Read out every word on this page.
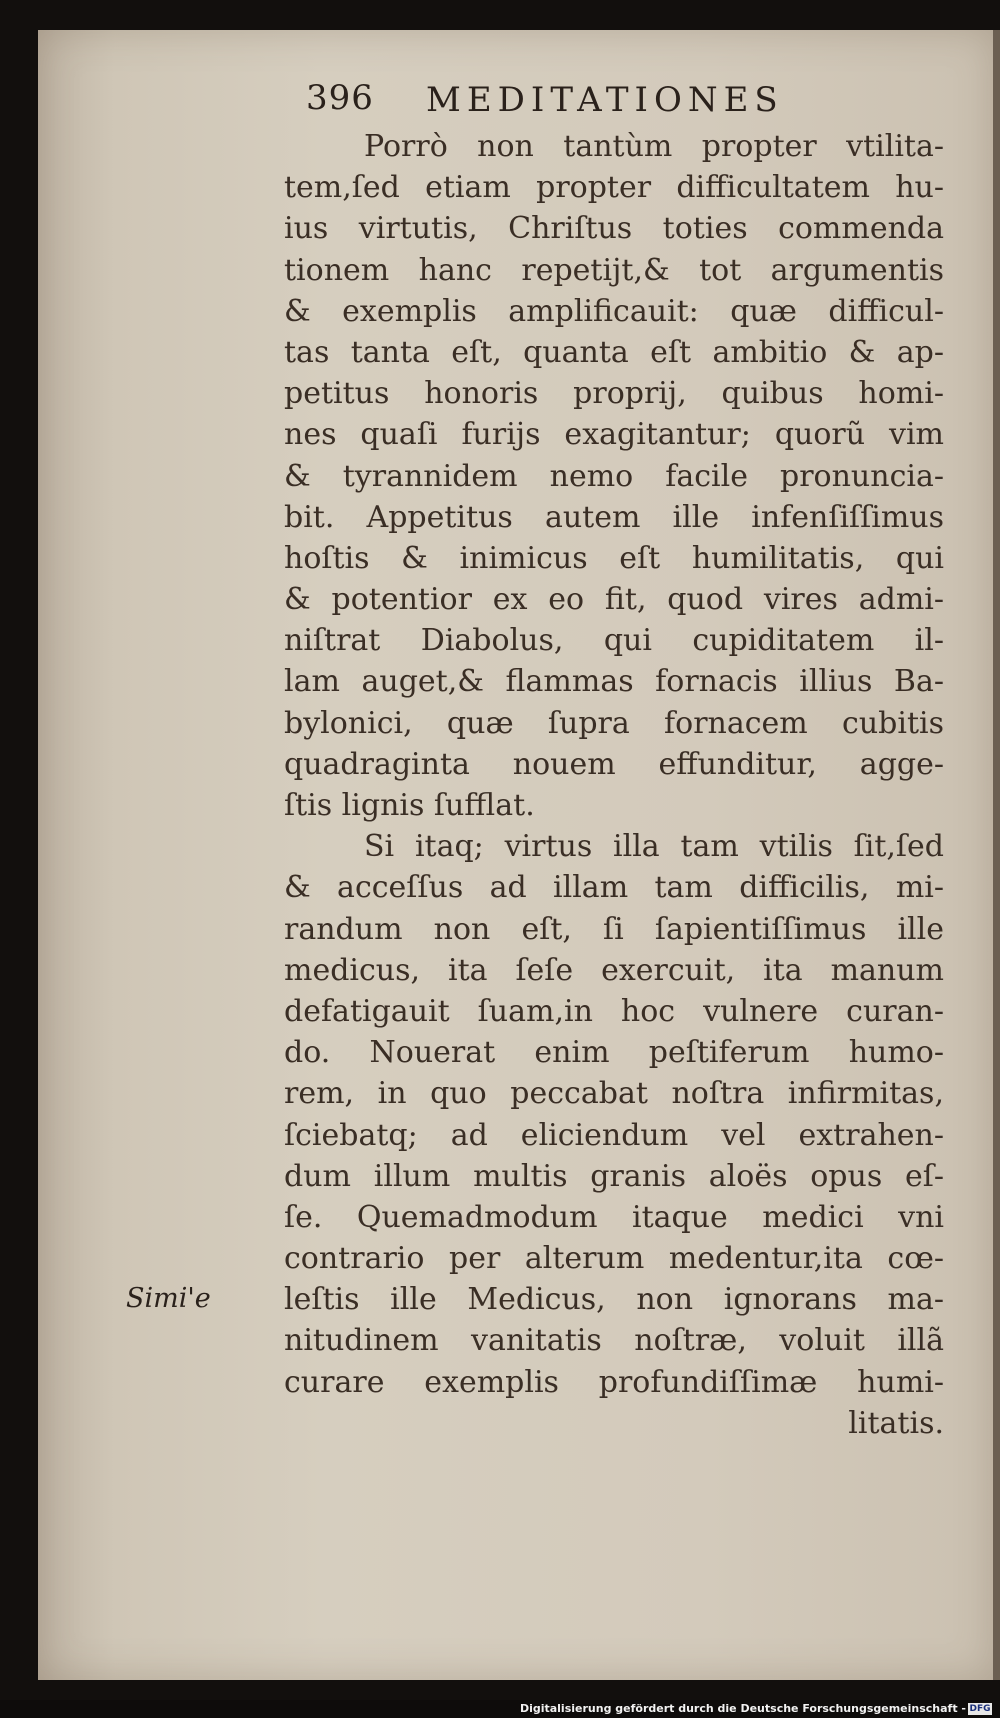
396 MEDITATIONES
Simi'e
Porrò non tantùm propter vtilita-
tem,ſed etiam propter difficultatem hu-
ius virtutis, Chriſtus toties commenda
tionem hanc repetijt,& tot argumentis
& exemplis amplificauit: quæ difficul-
tas tanta eſt, quanta eſt ambitio & ap-
petitus honoris proprij, quibus homi-
nes quaſi furijs exagitantur; quorũ vim
& tyrannidem nemo facile pronuncia-
bit. Appetitus autem ille infenſiſſimus
hoſtis & inimicus eſt humilitatis, qui
& potentior ex eo fit, quod vires admi-
niſtrat Diabolus, qui cupiditatem il-
lam auget,& flammas fornacis illius Ba-
bylonici, quæ ſupra fornacem cubitis
quadraginta nouem effunditur, agge-
ſtis lignis ſufflat.
Si itaq; virtus illa tam vtilis ſit,ſed
& acceſſus ad illam tam difficilis, mi-
randum non eſt, ſi ſapientiſſimus ille
medicus, ita ſeſe exercuit, ita manum
defatigauit ſuam,in hoc vulnere curan-
do. Nouerat enim peſtiferum humo-
rem, in quo peccabat noſtra infirmitas,
ſciebatq; ad eliciendum vel extrahen-
dum illum multis granis aloës opus eſ-
ſe. Quemadmodum itaque medici vni
contrario per alterum medentur,ita cœ-
leſtis ille Medicus, non ignorans ma-
nitudinem vanitatis noſtræ, voluit illã
curare exemplis profundiſſimæ humi-
litatis.
Digitalisierung gefördert durch die Deutsche Forschungsgemeinschaft - DFG
